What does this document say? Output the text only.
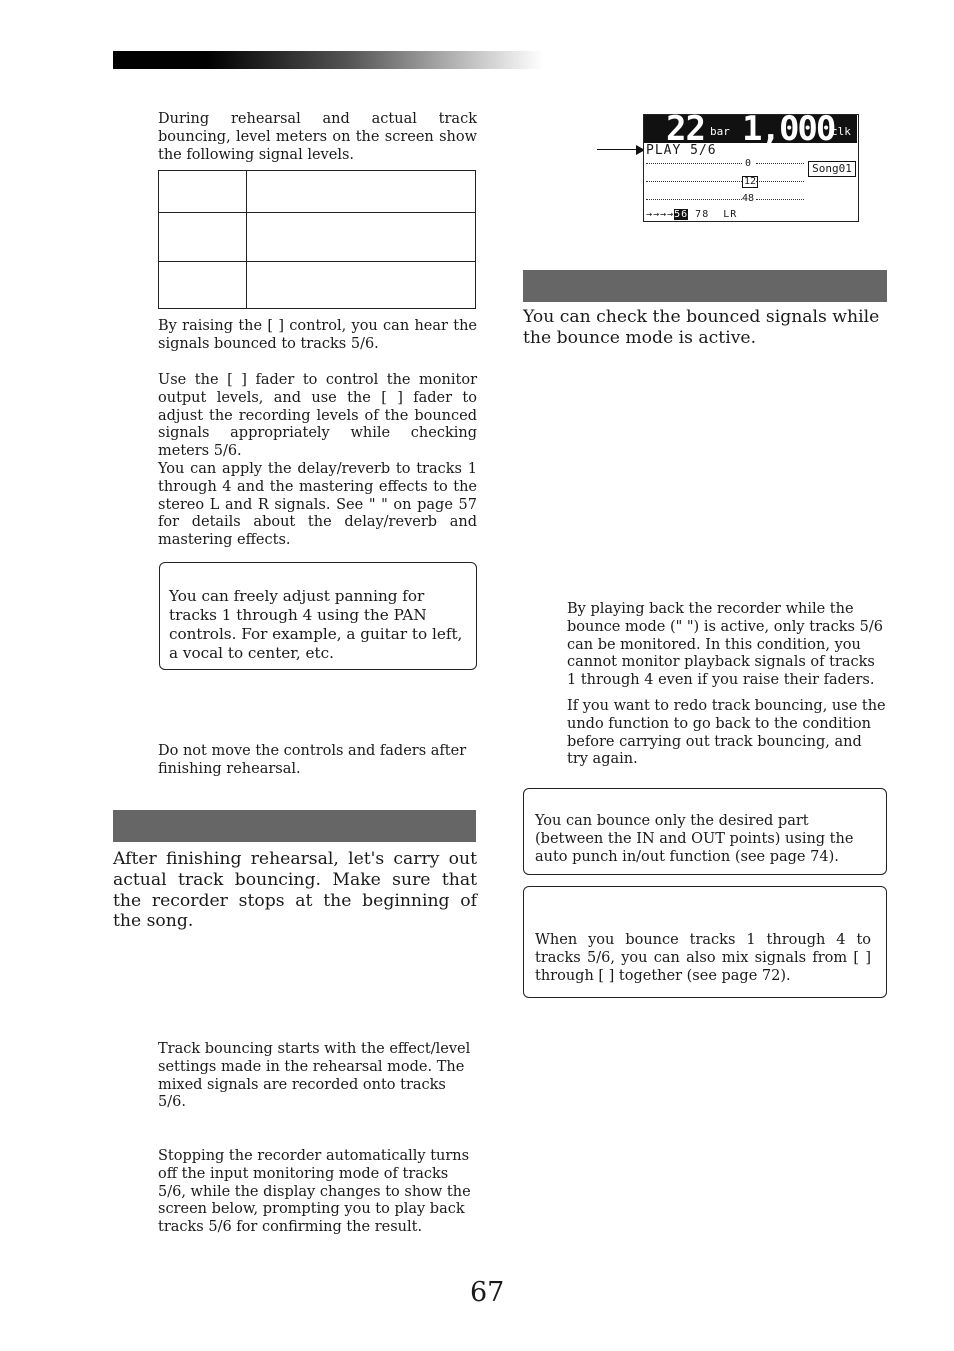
During rehearsal and actual track bouncing, level meters on the screen show the following signal levels.

By raising the [ ] control, you can hear the signals bounced to tracks 5/6.
Use the [ ] fader to control the monitor output levels, and use the [ ] fader to adjust the recording levels of the bounced signals appropriately while checking meters 5/6.
You can apply the delay/reverb to tracks 1 through 4 and the mastering effects to the stereo L and R signals. See " " on page 57 for details about the delay/reverb and mastering effects.
You can freely adjust panning for tracks 1 through 4 using the PAN controls. For example, a guitar to left, a vocal to center, etc.
Do not move the controls and faders after finishing rehearsal.
After finishing rehearsal, let's carry out actual track bouncing. Make sure that the recorder stops at the beginning of the song.
Track bouncing starts with the effect/level settings made in the rehearsal mode. The mixed signals are recorded onto tracks 5/6.
Stopping the recorder automatically turns off the input monitoring mode of tracks 5/6, while the display changes to show the screen below, prompting you to play back tracks 5/6 for confirming the result.
22 bar 1,000
clk
PLAY 5/6
0
12
48
Song01
→→→→56 78  LR
You can check the bounced signals while the bounce mode is active.
By playing back the recorder while the bounce mode (" ") is active, only tracks 5/6 can be monitored. In this condition, you cannot monitor playback signals of tracks 1 through 4 even if you raise their faders.
If you want to redo track bouncing, use the undo function to go back to the condition before carrying out track bouncing, and try again.
You can bounce only the desired part (between the IN and OUT points) using the auto punch in/out function (see page 74).
When you bounce tracks 1 through 4 to tracks 5/6, you can also mix signals from [ ] through [ ] together (see page 72).
67
